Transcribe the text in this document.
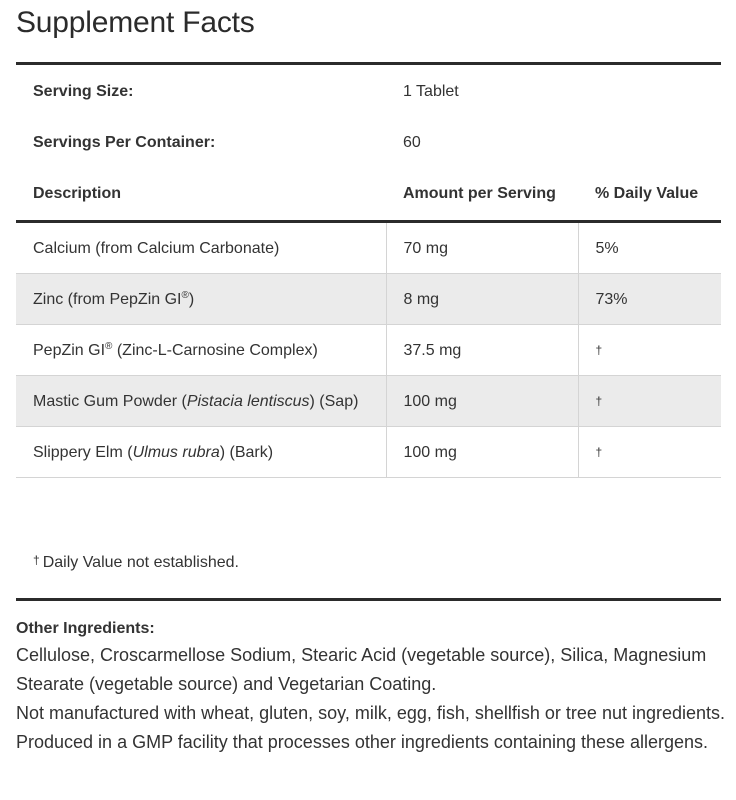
Supplement Facts
Serving Size:	1 Tablet	
Servings Per Container:	60	
Description	Amount per Serving	% Daily Value
Calcium (from Calcium Carbonate)	70 mg	5%
Zinc (from PepZin GI®)	8 mg	73%
PepZin GI® (Zinc-L-Carnosine Complex)	37.5 mg	†
Mastic Gum Powder (Pistacia lentiscus) (Sap)	100 mg	†
Slippery Elm (Ulmus rubra) (Bark)	100 mg	†
† Daily Value not established.
Other Ingredients:

Cellulose, Croscarmellose Sodium, Stearic Acid (vegetable source), Silica, Magnesium Stearate (vegetable source) and Vegetarian Coating.

Not manufactured with wheat, gluten, soy, milk, egg, fish, shellfish or tree nut ingredients. Produced in a GMP facility that processes other ingredients containing these allergens.
